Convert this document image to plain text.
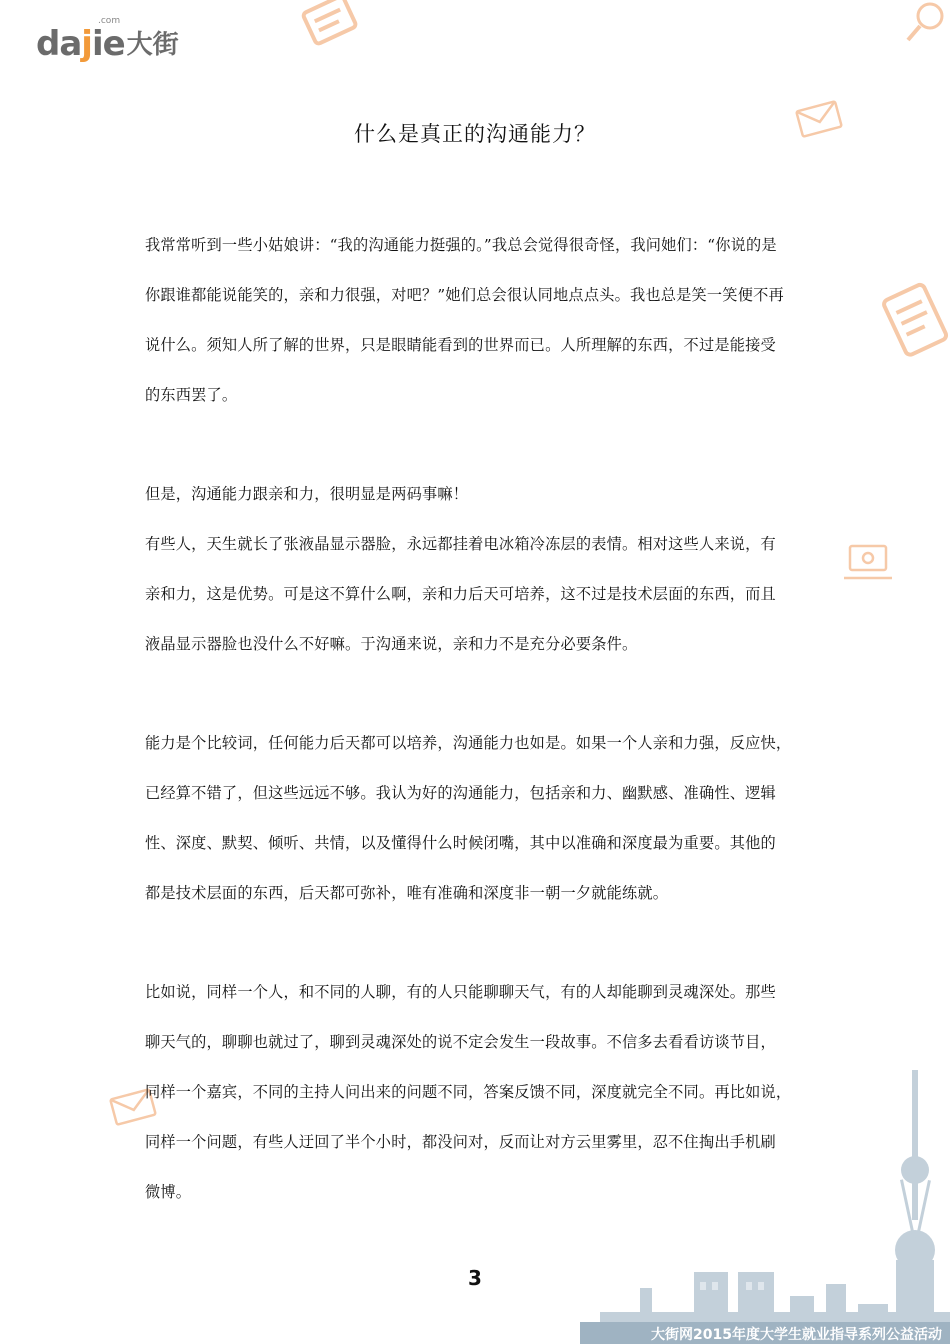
.com
dajie 大街
什么是真正的沟通能力？
我常常听到一些小姑娘讲：“我的沟通能力挺强的。”我总会觉得很奇怪，我问她们：“你说的是
你跟谁都能说能笑的，亲和力很强，对吧？”她们总会很认同地点点头。我也总是笑一笑便不再
说什么。须知人所了解的世界，只是眼睛能看到的世界而已。人所理解的东西，不过是能接受
的东西罢了。
但是，沟通能力跟亲和力，很明显是两码事嘛！
有些人，天生就长了张液晶显示器脸，永远都挂着电冰箱冷冻层的表情。相对这些人来说，有
亲和力，这是优势。可是这不算什么啊，亲和力后天可培养，这不过是技术层面的东西，而且
液晶显示器脸也没什么不好嘛。于沟通来说，亲和力不是充分必要条件。
能力是个比较词，任何能力后天都可以培养，沟通能力也如是。如果一个人亲和力强，反应快，
已经算不错了，但这些远远不够。我认为好的沟通能力，包括亲和力、幽默感、准确性、逻辑
性、深度、默契、倾听、共情，以及懂得什么时候闭嘴，其中以准确和深度最为重要。其他的
都是技术层面的东西，后天都可弥补，唯有准确和深度非一朝一夕就能练就。
比如说，同样一个人，和不同的人聊，有的人只能聊聊天气，有的人却能聊到灵魂深处。那些
聊天气的，聊聊也就过了，聊到灵魂深处的说不定会发生一段故事。不信多去看看访谈节目，
同样一个嘉宾，不同的主持人问出来的问题不同，答案反馈不同，深度就完全不同。再比如说，
同样一个问题，有些人迂回了半个小时，都没问对，反而让对方云里雾里，忍不住掏出手机刷
微博。
3
大街网2015年度大学生就业指导系列公益活动
